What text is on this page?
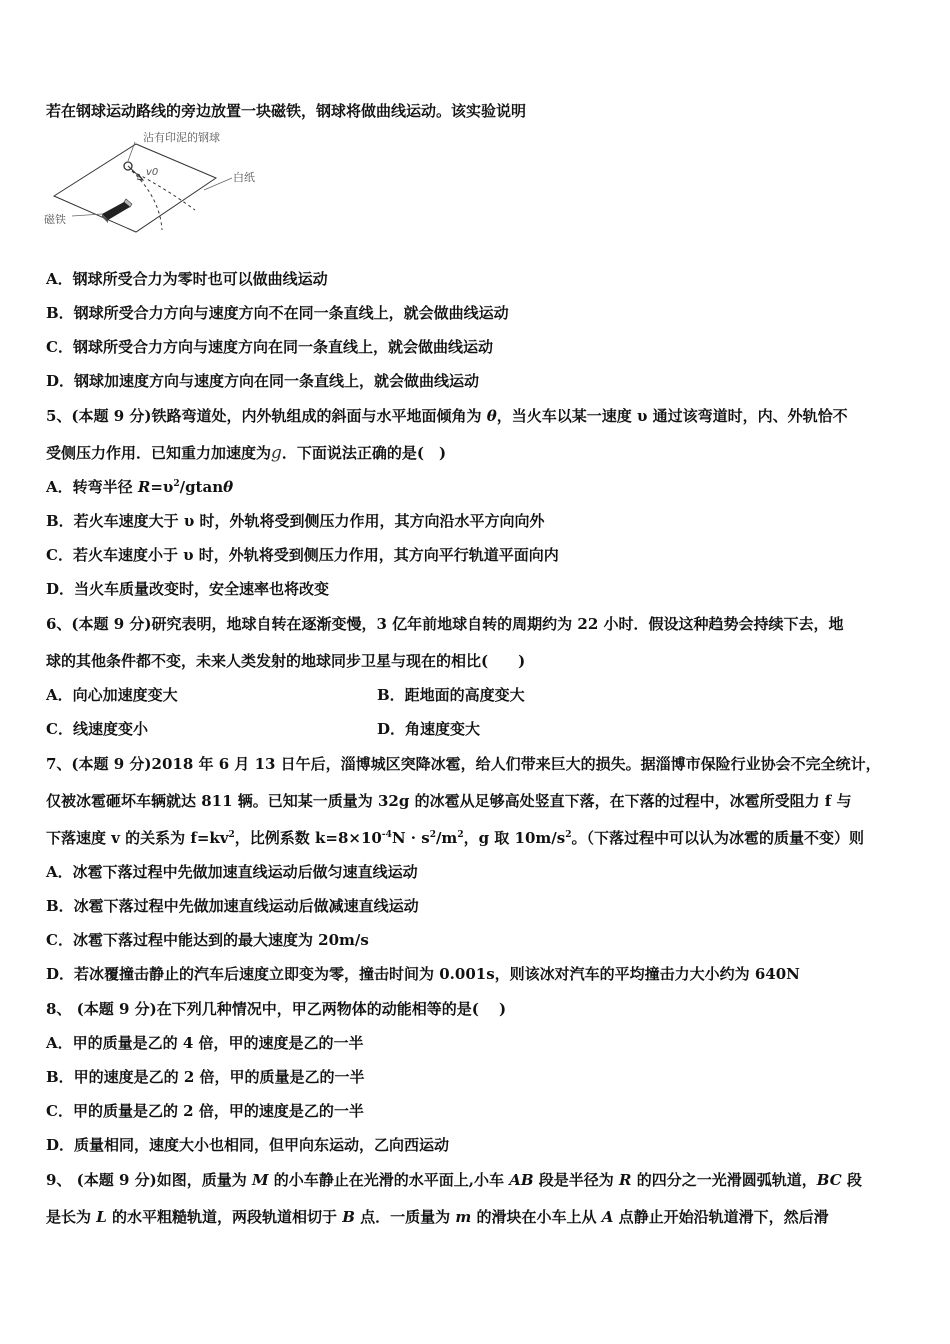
若在钢球运动路线的旁边放置一块磁铁，钢球将做曲线运动。该实验说明
沾有印泥的钢球
白纸
磁铁
v0
A．钢球所受合力为零时也可以做曲线运动
B．钢球所受合力方向与速度方向不在同一条直线上，就会做曲线运动
C．钢球所受合力方向与速度方向在同一条直线上，就会做曲线运动
D．钢球加速度方向与速度方向在同一条直线上，就会做曲线运动
5、(本题 9 分)铁路弯道处，内外轨组成的斜面与水平地面倾角为 θ，当火车以某一速度 υ 通过该弯道时，内、外轨恰不
受侧压力作用．已知重力加速度为g．下面说法正确的是(　)
A．转弯半径 $R=\upsilon^2$/gtanθ
B．若火车速度大于 υ 时，外轨将受到侧压力作用，其方向沿水平方向向外
C．若火车速度小于 υ 时，外轨将受到侧压力作用，其方向平行轨道平面向内
D．当火车质量改变时，安全速率也将改变
6、(本题 9 分)研究表明，地球自转在逐渐变慢，3 亿年前地球自转的周期约为 22 小时．假设这种趋势会持续下去，地
球的其他条件都不变，未来人类发射的地球同步卫星与现在的相比(　　)
A．向心加速度变大	B．距地面的高度变大
C．线速度变小	D．角速度变大
7、(本题 9 分)2018 年 6 月 13 日午后，淄博城区突降冰雹，给人们带来巨大的损失。据淄博市保险行业协会不完全统计，
仅被冰雹砸坏车辆就达 811 辆。已知某一质量为 32g 的冰雹从足够高处竖直下落，在下落的过程中，冰雹所受阻力 f 与
下落速度 v 的关系为 $f=kv^2$，比例系数 $k=8\times 10^{-4}N \cdot s^2/m^2$，g 取 $10m/s^2$。（下落过程中可以认为冰雹的质量不变）则
A．冰雹下落过程中先做加速直线运动后做匀速直线运动
B．冰雹下落过程中先做加速直线运动后做减速直线运动
C．冰雹下落过程中能达到的最大速度为 20m/s
D．若冰覆撞击静止的汽车后速度立即变为零，撞击时间为 0.001s，则该冰对汽车的平均撞击力大小约为 640N
8、 (本题 9 分)在下列几种情况中，甲乙两物体的动能相等的是(　 )
A．甲的质量是乙的 4 倍，甲的速度是乙的一半
B．甲的速度是乙的 2 倍，甲的质量是乙的一半
C．甲的质量是乙的 2 倍，甲的速度是乙的一半
D．质量相同，速度大小也相同，但甲向东运动，乙向西运动
9、 (本题 9 分)如图，质量为 M 的小车静止在光滑的水平面上,小车 AB 段是半径为 R 的四分之一光滑圆弧轨道，BC 段
是长为 L 的水平粗糙轨道，两段轨道相切于 B 点．一质量为 m 的滑块在小车上从 A 点静止开始沿轨道滑下，然后滑
